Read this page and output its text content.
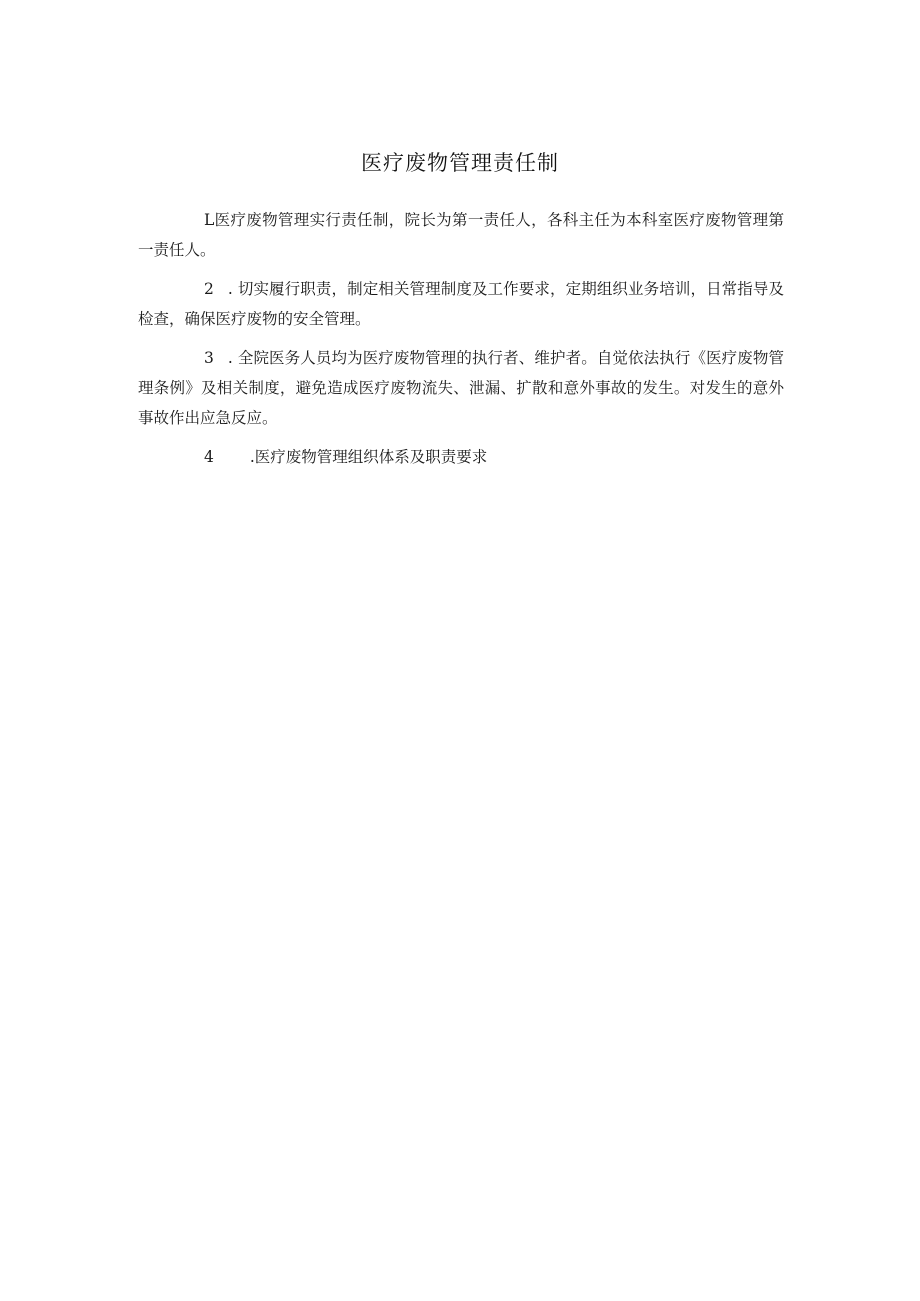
医疗废物管理责任制

L医疗废物管理实行责任制，院长为第一责任人，各科主任为本科室医疗废物管理第一责任人。

2 . 切实履行职责，制定相关管理制度及工作要求，定期组织业务培训，日常指导及检查，确保医疗废物的安全管理。

3 . 全院医务人员均为医疗废物管理的执行者、维护者。自觉依法执行《医疗废物管理条例》及相关制度，避免造成医疗废物流失、泄漏、扩散和意外事故的发生。对发生的意外事故作出应急反应。

4 .医疗废物管理组织体系及职责要求
